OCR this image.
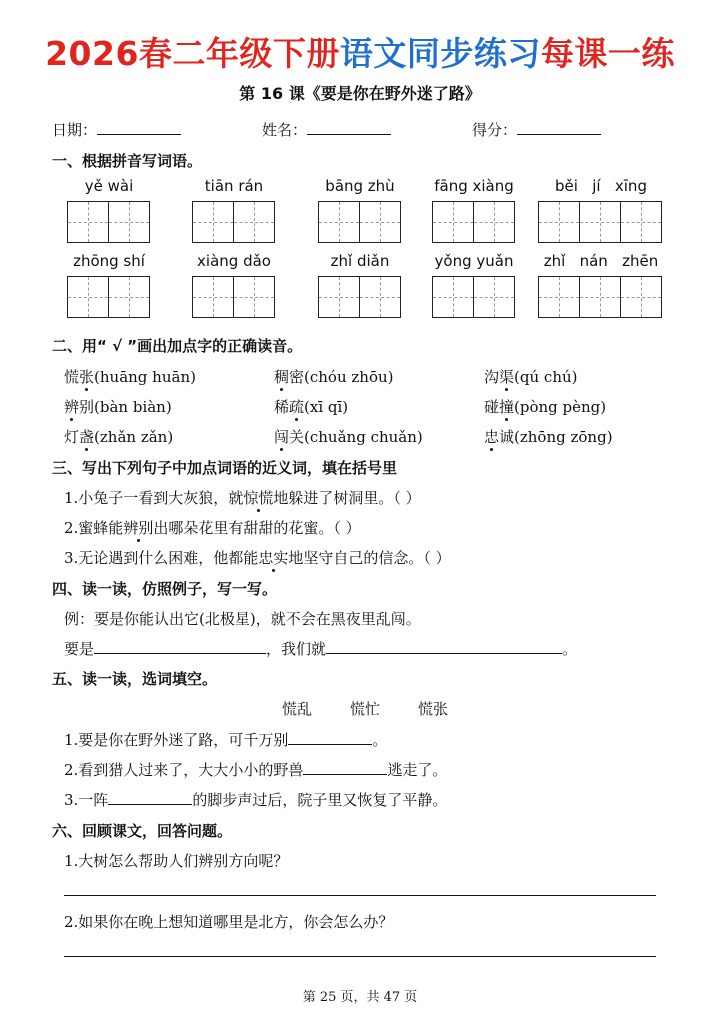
2026春二年级下册语文同步练习每课一练
第 16 课《要是你在野外迷了路》
日期：	姓名：	得分：
一、根据拼音写词语。
yě wài	tiān rán	bāng zhù	fāng xiàng	běi   jí   xīng
zhōng shí	xiàng dǎo	zhǐ diǎn	yǒng yuǎn	zhǐ   nán   zhēn
二、用“ √ ”画出加点字的正确读音。
慌张(huāng huān)	稠密(chóu zhōu)	沟渠(qú chú)
辨别(bàn biàn)	稀疏(xī qī)	碰撞(pòng pèng)
灯盏(zhǎn zǎn)	闯关(chuǎng chuǎn)	忠诚(zhōng zōng)
三、写出下列句子中加点词语的近义词，填在括号里
1.小兔子一看到大灰狼，就惊慌地躲进了树洞里。（ ）
2.蜜蜂能辨别出哪朵花里有甜甜的花蜜。（ ）
3.无论遇到什么困难，他都能忠实地坚守自己的信念。（ ）
四、读一读，仿照例子，写一写。
例：要是你能认出它(北极星)，就不会在黑夜里乱闯。
要是	，我们就	。
五、读一读，选词填空。
慌乱	慌忙	慌张
1.要是你在野外迷了路，可千万别	。
2.看到猎人过来了，大大小小的野兽	逃走了。
3.一阵	的脚步声过后，院子里又恢复了平静。
六、回顾课文，回答问题。
1.大树怎么帮助人们辨别方向呢？
2.如果你在晚上想知道哪里是北方，你会怎么办？
第 25 页，共 47 页
